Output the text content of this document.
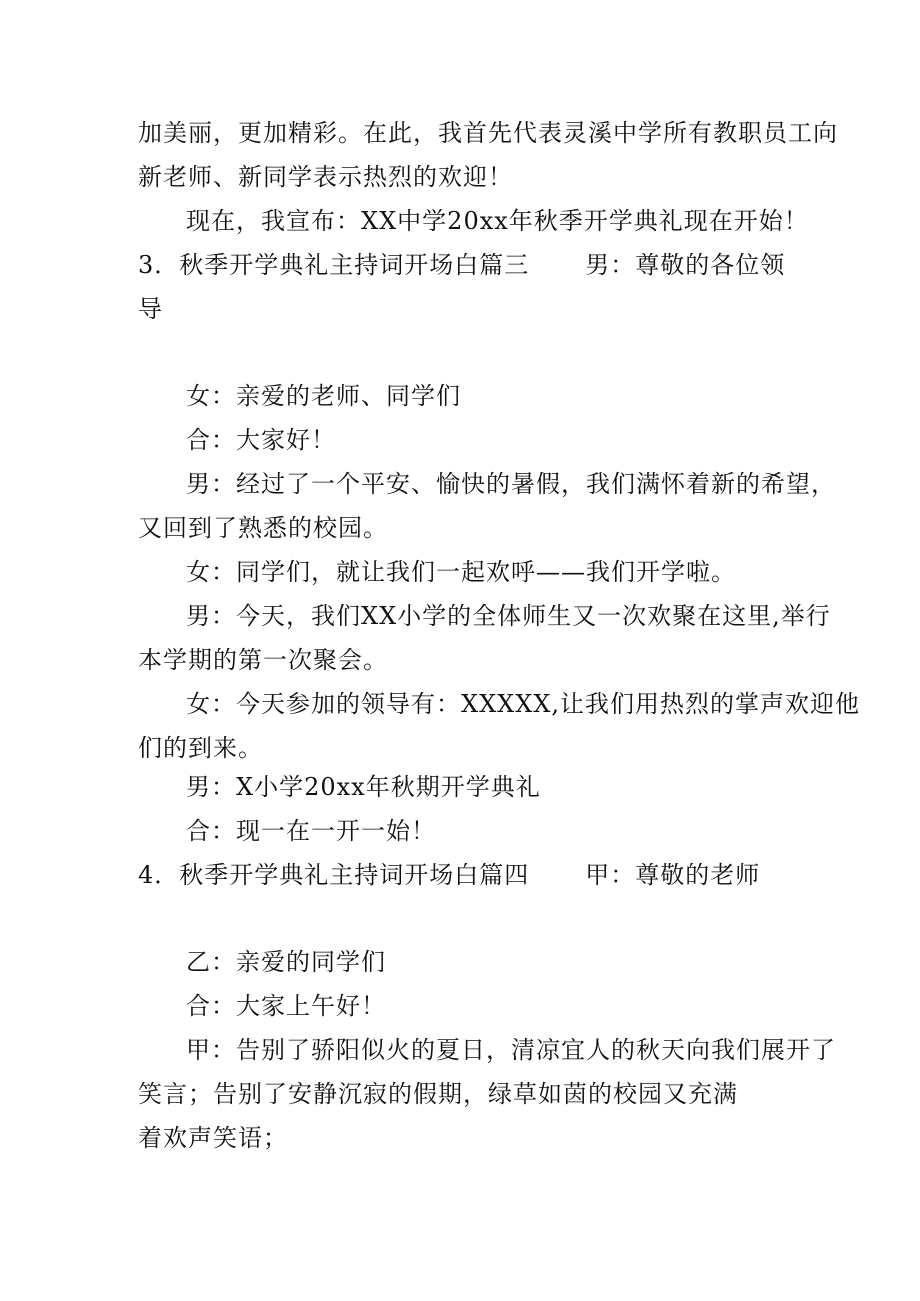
加美丽，更加精彩。在此，我首先代表灵溪中学所有教职员工向
新老师、新同学表示热烈的欢迎！
现在，我宣布：XX中学20xx年秋季开学典礼现在开始！
3．秋季开学典礼主持词开场白篇三 男：尊敬的各位领
导
女：亲爱的老师、同学们
合：大家好！
男：经过了一个平安、愉快的暑假，我们满怀着新的希望，
又回到了熟悉的校园。
女：同学们，就让我们一起欢呼——我们开学啦。
男：今天，我们XX小学的全体师生又一次欢聚在这里,举行
本学期的第一次聚会。
女：今天参加的领导有：XXXXX,让我们用热烈的掌声欢迎他
们的到来。
男：X小学20xx年秋期开学典礼
合：现一在一开一始！
4．秋季开学典礼主持词开场白篇四 甲：尊敬的老师
乙：亲爱的同学们
合：大家上午好！
甲：告别了骄阳似火的夏日，清凉宜人的秋天向我们展开了
笑言；告别了安静沉寂的假期，绿草如茵的校园又充满
着欢声笑语；
